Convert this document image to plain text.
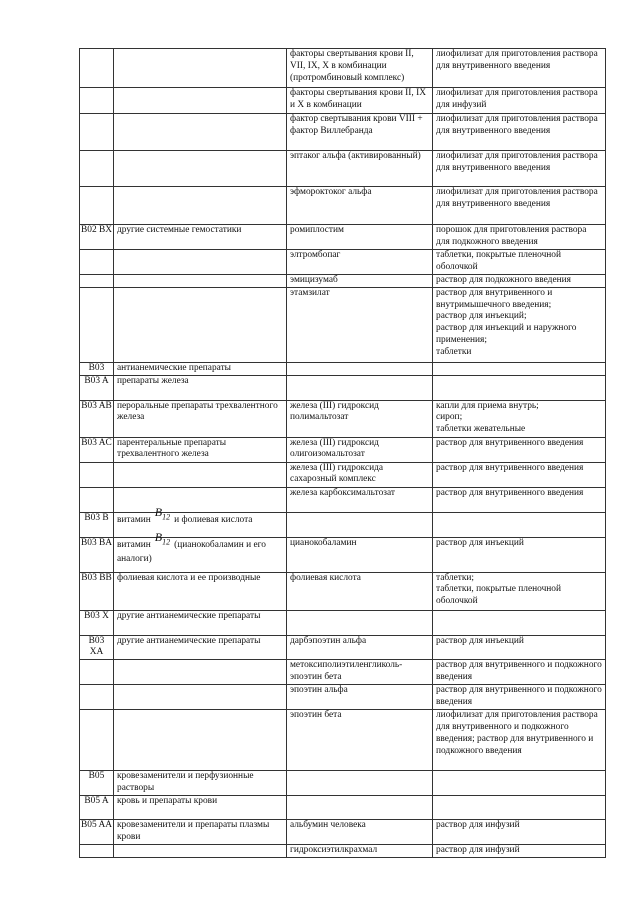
		факторы свертывания крови II, VII, IX, X в комбинации (протромбиновый комплекс)	лиофилизат для приготовления раствора для внутривенного введения
		факторы свертывания крови II, IX и X в комбинации	лиофилизат для приготовления раствора для инфузий
		фактор свертывания крови VIII + фактор Виллебранда	лиофилизат для приготовления раствора для внутривенного введения
		эптаког альфа (активированный)	лиофилизат для приготовления раствора для внутривенного введения
		эфмороктоког альфа	лиофилизат для приготовления раствора для внутривенного введения
B02 BX	другие системные гемостатики	ромиплостим	порошок для приготовления раствора для подкожного введения
		элтромбопаг	таблетки, покрытые пленочной оболочкой
		эмицизумаб	раствор для подкожного введения
		этамзилат	раствор для внутривенного и внутримышечного введения;
раствор для инъекций;
раствор для инъекций и наружного применения;
таблетки
B03	антианемические препараты		
B03 A	препараты железа		
B03 AB	пероральные препараты трехвалентного железа	железа (III) гидроксид полимальтозат	капли для приема внутрь;
сироп;
таблетки жевательные
B03 AC	парентеральные препараты трехвалентного железа	железа (III) гидроксид олигоизомальтозат	раствор для внутривенного введения
		железа (III) гидроксида сахарозный комплекс	раствор для внутривенного введения
		железа карбоксимальтозат	раствор для внутривенного введения
B03 B	витаминB$_{12}$ и фолиевая кислота		
B03 BA	витаминB$_{12}$ (цианокобаламин и его аналоги)	цианокобаламин	раствор для инъекций
B03 BB	фолиевая кислота и ее производные	фолиевая кислота	таблетки;
таблетки, покрытые пленочной оболочкой
B03 X	другие антианемические препараты		
B03 XA	другие антианемические препараты	дарбэпоэтин альфа	раствор для инъекций
		метоксиполиэтиленгликоль-эпоэтин бета	раствор для внутривенного и подкожного введения
		эпоэтин альфа	раствор для внутривенного и подкожного введения
		эпоэтин бета	лиофилизат для приготовления раствора для внутривенного и подкожного введения; раствор для внутривенного и подкожного введения
B05	кровезаменители и перфузионные растворы		
B05 A	кровь и препараты крови		
B05 AA	кровезаменители и препараты плазмы крови	альбумин человека	раствор для инфузий
		гидроксиэтилкрахмал	раствор для инфузий
